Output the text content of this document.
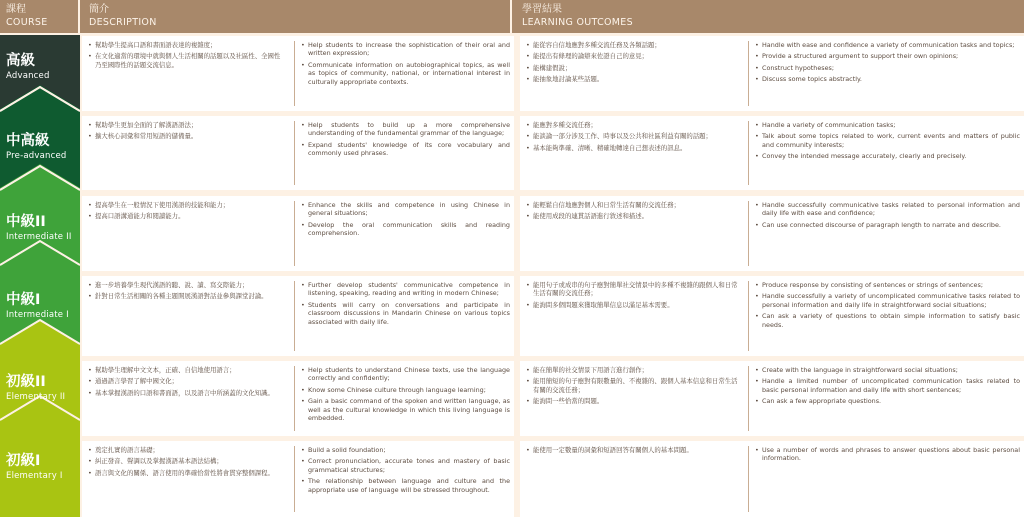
課程
COURSE
簡介
DESCRIPTION
學習結果
LEARNING OUTCOMES
高級
Advanced
中高級
Pre-advanced
中級II
Intermediate II
中級I
Intermediate I
初級II
Elementary II
初級I
Elementary I
• 幫助學生提高口語和書面語表達的複雜度；
• 在文化適當的環境中就與個人生活相關的話題以及社區性、全國性乃至國際性的話題交流信息。
• Help students to increase the sophistication of their oral and written expression;
• Communicate information on autobiographical topics, as well as topics of community, national, or international interest in culturally appropriate contexts.
• 能從容自信地應對多種交流任務及各類話題；
• 能提出有條理的論辯來佐證自己的意見；
• 能構建假說；
• 能抽象地討論某些話題。
• Handle with ease and confidence a variety of communication tasks and topics;
• Provide a structured argument to support their own opinions;
• Construct hypotheses;
• Discuss some topics abstractly.
• 幫助學生更加全面的了解漢語語法；
• 擴大核心詞彙和常用短語的儲備量。
• Help students to build up a more comprehensive understanding of the fundamental grammar of the language;
• Expand students' knowledge of its core vocabulary and commonly used phrases.
• 能應對多種交流任務；
• 能談論一部分涉及工作、時事以及公共和社區利益有關的話題；
• 基本能夠準確、清晰、精確地轉達自己想表述的訊息。
• Handle a variety of communication tasks;
• Talk about some topics related to work, current events and matters of public and community interests;
• Convey the intended message accurately, clearly and precisely.
• 提高學生在一般情況下使用漢語的技能和能力；
• 提高口語溝通能力和閱讀能力。
• Enhance the skills and competence in using Chinese in general situations;
• Develop the oral communication skills and reading comprehension.
• 能輕鬆自信地應對個人和日常生活有關的交流任務；
• 能使用成段的連貫話語進行敘述和描述。
• Handle successfully communicative tasks related to personal information and daily life with ease and confidence;
• Can use connected discourse of paragraph length to narrate and describe.
• 進一步培養學生現代漢語的聽、說、讀、寫交際能力；
• 針對日常生活相關的各種主題開展漢語對話並參與課堂討論。
• Further develop students' communicative competence in listening, speaking, reading and writing in modern Chinese;
• Students will carry on conversations and participate in classroom discussions in Mandarin Chinese on various topics associated with daily life.
• 能用句子或成串的句子應對簡單社交情景中的多種不複雜的跟個人和日常生活有關的交流任務；
• 能詢問多個問題來獲取簡單信息以滿足基本需要。
• Produce response by consisting of sentences or strings of sentences;
• Handle successfully a variety of uncomplicated communicative tasks related to personal information and daily life in straightforward social situations;
• Can ask a variety of questions to obtain simple information to satisfy basic needs.
• 幫助學生理解中文文本，正確、自信地使用語言；
• 通過語言學習了解中國文化；
• 基本掌握漢語的口語和書面語，以及語言中所涵蓋的文化知識。
• Help students to understand Chinese texts, use the language correctly and confidently;
• Know some Chinese culture through language learning;
• Gain a basic command of the spoken and written language, as well as the cultural knowledge in which this living language is embedded.
• 能在簡單的社交情景下用語言進行創作；
• 能用簡短的句子應對有限數量的、不複雜的、跟個人基本信息和日常生活有關的交流任務；
• 能詢問一些恰當的問題。
• Create with the language in straightforward social situations;
• Handle a limited number of uncomplicated communication tasks related to basic personal information and daily life with short sentences;
• Can ask a few appropriate questions.
• 奠定扎實的語言基礎；
• 糾正發音、聲調以及掌握漢語基本語法結構；
• 語言與文化的關係、語言使用的準確恰當性將會貫穿整個課程。
• Build a solid foundation;
• Correct pronunciation, accurate tones and mastery of basic grammatical structures;
• The relationship between language and culture and the appropriate use of language will be stressed throughout.
• 能使用一定數量的詞彙和短語回答有關個人的基本問題。	• Use a number of words and phrases to answer questions about basic personal information.
